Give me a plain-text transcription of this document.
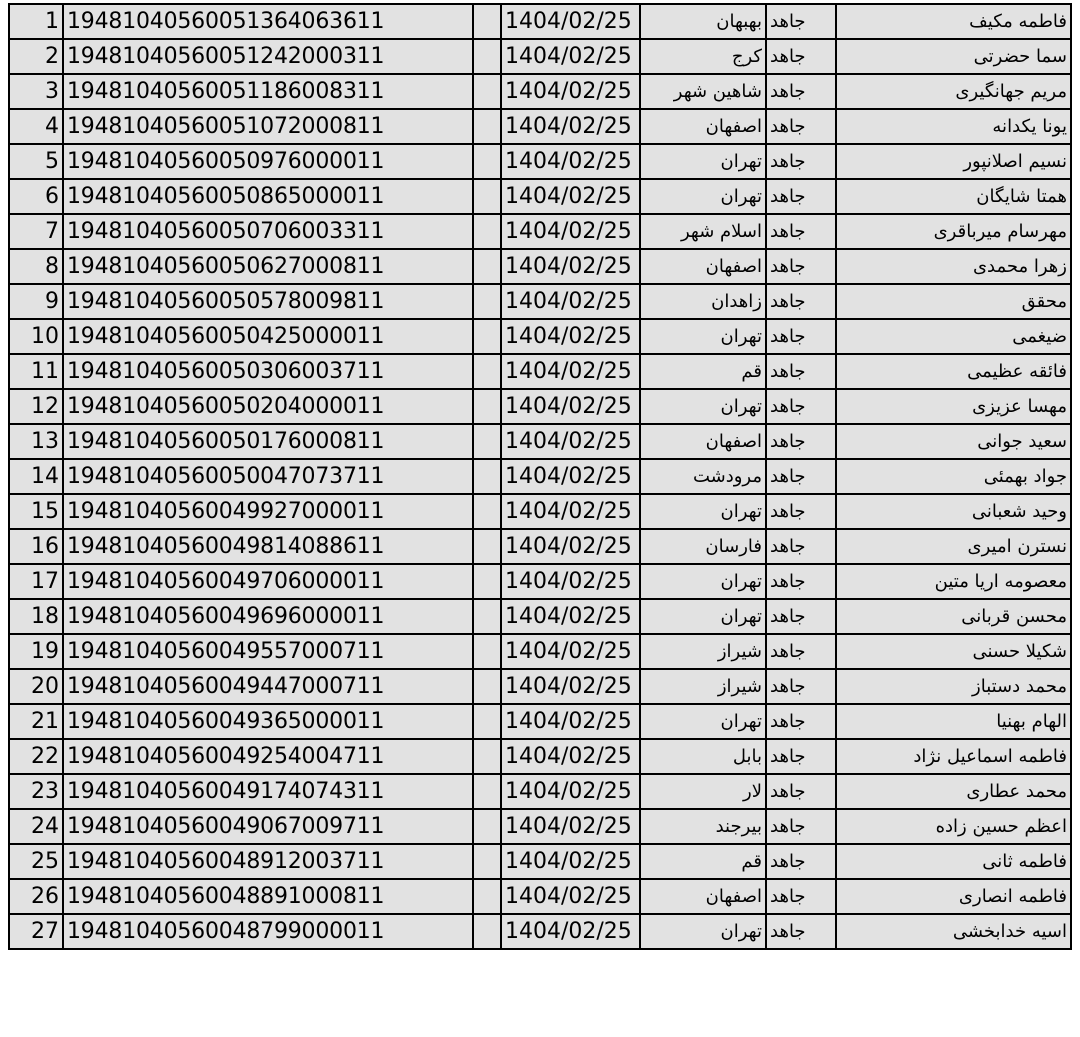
1	19481040560051364063611		1404/02/25	بهبهان	جاهد	فاطمه مکیف
2	19481040560051242000311		1404/02/25	کرج	جاهد	سما حضرتی
3	19481040560051186008311		1404/02/25	شاهین شهر	جاهد	مریم جهانگیری
4	19481040560051072000811		1404/02/25	اصفهان	جاهد	یونا یکدانه
5	19481040560050976000011		1404/02/25	تهران	جاهد	نسیم اصلانپور
6	19481040560050865000011		1404/02/25	تهران	جاهد	همتا شایگان
7	19481040560050706003311		1404/02/25	اسلام شهر	جاهد	مهرسام میرباقری
8	19481040560050627000811		1404/02/25	اصفهان	جاهد	زهرا محمدی
9	19481040560050578009811		1404/02/25	زاهدان	جاهد	محقق
10	19481040560050425000011		1404/02/25	تهران	جاهد	ضیغمی
11	19481040560050306003711		1404/02/25	قم	جاهد	فائقه عظیمی
12	19481040560050204000011		1404/02/25	تهران	جاهد	مهسا عزیزی
13	19481040560050176000811		1404/02/25	اصفهان	جاهد	سعید جوانی
14	19481040560050047073711		1404/02/25	مرودشت	جاهد	جواد بهمئی
15	19481040560049927000011		1404/02/25	تهران	جاهد	وحید شعبانی
16	19481040560049814088611		1404/02/25	فارسان	جاهد	نسترن امیری
17	19481040560049706000011		1404/02/25	تهران	جاهد	معصومه اریا متین
18	19481040560049696000011		1404/02/25	تهران	جاهد	محسن قربانی
19	19481040560049557000711		1404/02/25	شیراز	جاهد	شکیلا حسنی
20	19481040560049447000711		1404/02/25	شیراز	جاهد	محمد دستباز
21	19481040560049365000011		1404/02/25	تهران	جاهد	الهام بهنیا
22	19481040560049254004711		1404/02/25	بابل	جاهد	فاطمه اسماعیل نژاد
23	19481040560049174074311		1404/02/25	لار	جاهد	محمد عطاری
24	19481040560049067009711		1404/02/25	بیرجند	جاهد	اعظم حسین زاده
25	19481040560048912003711		1404/02/25	قم	جاهد	فاطمه ثانی
26	19481040560048891000811		1404/02/25	اصفهان	جاهد	فاطمه انصاری
27	19481040560048799000011		1404/02/25	تهران	جاهد	اسیه خدابخشی
